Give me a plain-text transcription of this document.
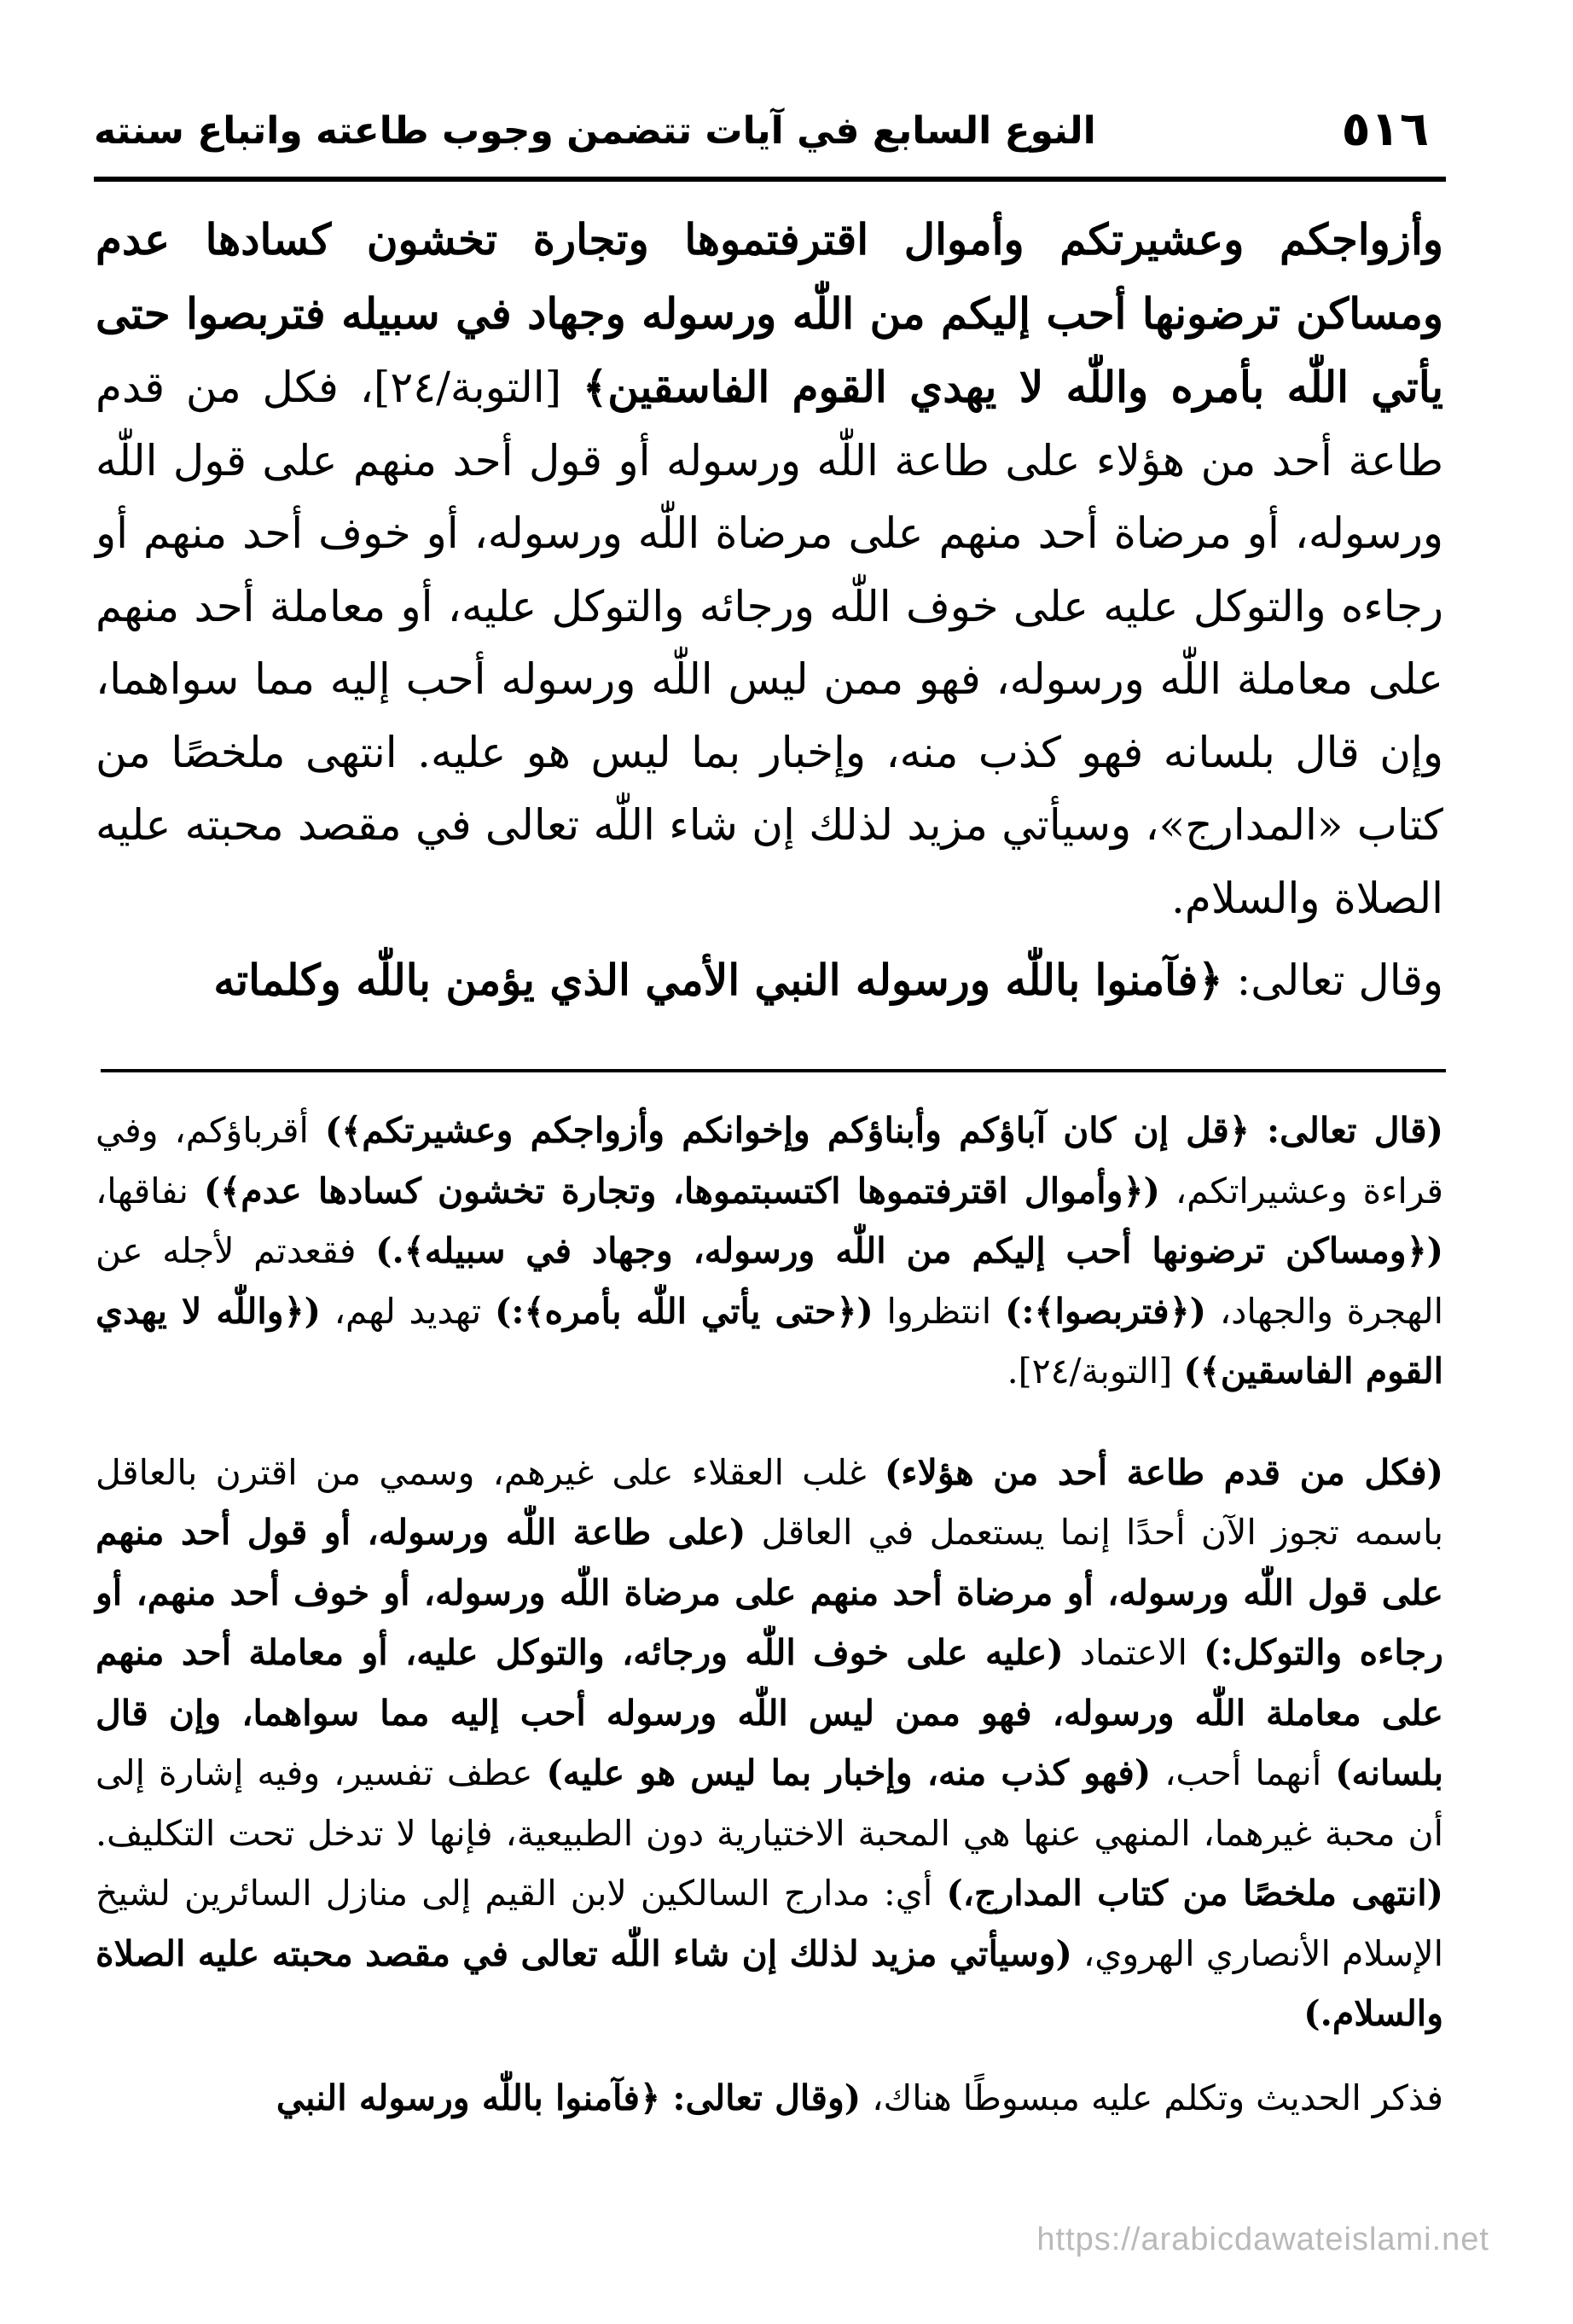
٥١٦
النوع السابع في آيات تتضمن وجوب طاعته واتباع سنته

وأزواجكم وعشيرتكم وأموال اقترفتموها وتجارة تخشون كسادها عدم ومساكن ترضونها أحب إليكم من اللّٰه ورسوله وجهاد في سبيله فتربصوا حتى يأتي اللّٰه بأمره واللّٰه لا يهدي القوم الفاسقين﴾ [التوبة/٢٤]، فكل من قدم طاعة أحد من هؤلاء على طاعة اللّٰه ورسوله أو قول أحد منهم على قول اللّٰه ورسوله، أو مرضاة أحد منهم على مرضاة اللّٰه ورسوله، أو خوف أحد منهم أو رجاءه والتوكل عليه على خوف اللّٰه ورجائه والتوكل عليه، أو معاملة أحد منهم على معاملة اللّٰه ورسوله، فهو ممن ليس اللّٰه ورسوله أحب إليه مما سواهما، وإن قال بلسانه فهو كذب منه، وإخبار بما ليس هو عليه. انتهى ملخصًا من كتاب «المدارج»، وسيأتي مزيد لذلك إن شاء اللّٰه تعالى في مقصد محبته عليه الصلاة والسلام.

وقال تعالى: ﴿فآمنوا باللّٰه ورسوله النبي الأمي الذي يؤمن باللّٰه وكلماته

(قال تعالى: ﴿قل إن كان آباؤكم وأبناؤكم وإخوانكم وأزواجكم وعشيرتكم﴾) أقرباؤكم، وفي قراءة وعشيراتكم، (﴿وأموال اقترفتموها اكتسبتموها، وتجارة تخشون كسادها عدم﴾) نفاقها، (﴿ومساكن ترضونها أحب إليكم من اللّٰه ورسوله، وجهاد في سبيله﴾.) فقعدتم لأجله عن الهجرة والجهاد، (﴿فتربصوا﴾:) انتظروا (﴿حتى يأتي اللّٰه بأمره﴾:) تهديد لهم، (﴿واللّٰه لا يهدي القوم الفاسقين﴾) [التوبة/٢٤].

(فكل من قدم طاعة أحد من هؤلاء) غلب العقلاء على غيرهم، وسمي من اقترن بالعاقل باسمه تجوز الآن أحدًا إنما يستعمل في العاقل (على طاعة اللّٰه ورسوله، أو قول أحد منهم على قول اللّٰه ورسوله، أو مرضاة أحد منهم على مرضاة اللّٰه ورسوله، أو خوف أحد منهم، أو رجاءه والتوكل:) الاعتماد (عليه على خوف اللّٰه ورجائه، والتوكل عليه، أو معاملة أحد منهم على معاملة اللّٰه ورسوله، فهو ممن ليس اللّٰه ورسوله أحب إليه مما سواهما، وإن قال بلسانه) أنهما أحب، (فهو كذب منه، وإخبار بما ليس هو عليه) عطف تفسير، وفيه إشارة إلى أن محبة غيرهما، المنهي عنها هي المحبة الاختيارية دون الطبيعية، فإنها لا تدخل تحت التكليف. (انتهى ملخصًا من كتاب المدارج،) أي: مدارج السالكين لابن القيم إلى منازل السائرين لشيخ الإسلام الأنصاري الهروي، (وسيأتي مزيد لذلك إن شاء اللّٰه تعالى في مقصد محبته عليه الصلاة والسلام.)

فذكر الحديث وتكلم عليه مبسوطًا هناك، (وقال تعالى: ﴿فآمنوا باللّٰه ورسوله النبي

https://arabicdawateislami.net
